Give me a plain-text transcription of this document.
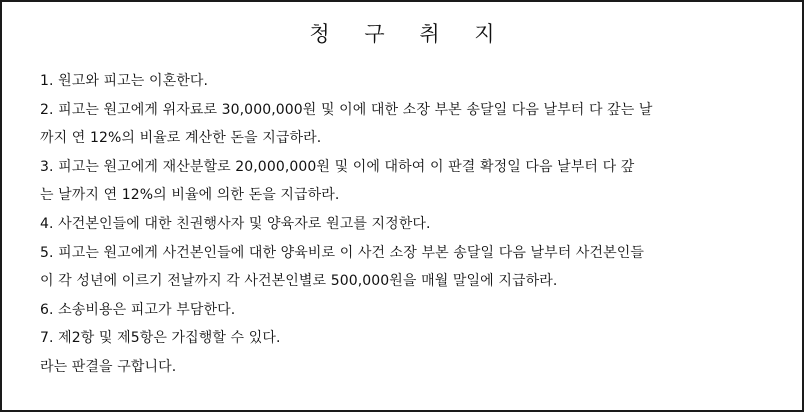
청 구 취 지
1. 원고와 피고는 이혼한다.
2. 피고는 원고에게 위자료로 30,000,000원 및 이에 대한 소장 부본 송달일 다음 날부터 다 갚는 날
까지 연 12%의 비율로 계산한 돈을 지급하라.
3. 피고는 원고에게 재산분할로 20,000,000원 및 이에 대하여 이 판결 확정일 다음 날부터 다 갚
는 날까지 연 12%의 비율에 의한 돈을 지급하라.
4. 사건본인들에 대한 친권행사자 및 양육자로 원고를 지정한다.
5. 피고는 원고에게 사건본인들에 대한 양육비로 이 사건 소장 부본 송달일 다음 날부터 사건본인들
이 각 성년에 이르기 전날까지 각 사건본인별로 500,000원을 매월 말일에 지급하라.
6. 소송비용은 피고가 부담한다.
7. 제2항 및 제5항은 가집행할 수 있다.
라는 판결을 구합니다.
